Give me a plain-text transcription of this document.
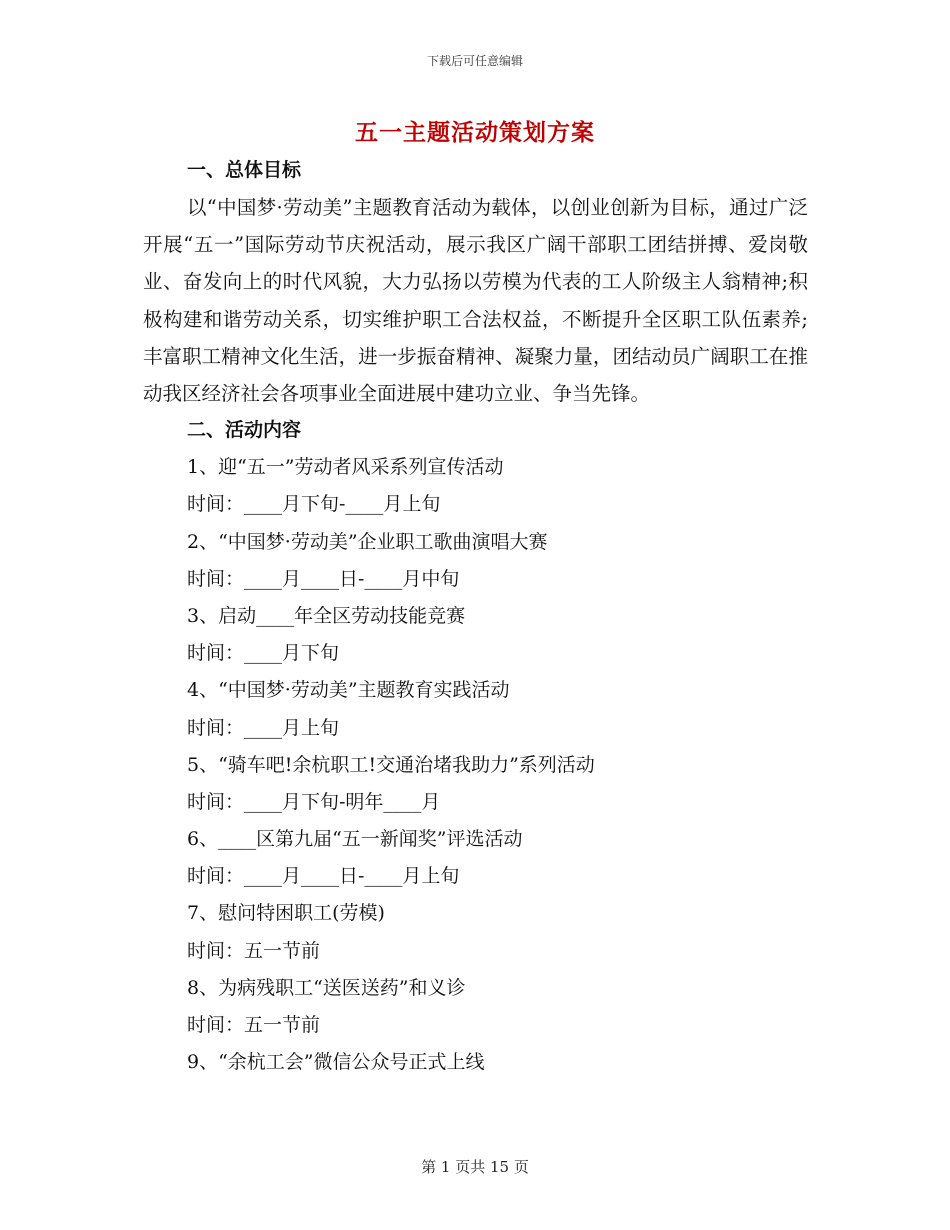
下载后可任意编辑
五一主题活动策划方案
一、总体目标

以“中国梦·劳动美”主题教育活动为载体，以创业创新为目标，通过广泛开展“五一”国际劳动节庆祝活动，展示我区广阔干部职工团结拼搏、爱岗敬业、奋发向上的时代风貌，大力弘扬以劳模为代表的工人阶级主人翁精神;积极构建和谐劳动关系，切实维护职工合法权益，不断提升全区职工队伍素养;丰富职工精神文化生活，进一步振奋精神、凝聚力量，团结动员广阔职工在推动我区经济社会各项事业全面进展中建功立业、争当先锋。

二、活动内容
1、迎“五一”劳动者风采系列宣传活动
时间：____月下旬-____月上旬
2、“中国梦·劳动美”企业职工歌曲演唱大赛
时间：____月____日-____月中旬
3、启动____年全区劳动技能竞赛
时间：____月下旬
4、“中国梦·劳动美”主题教育实践活动
时间：____月上旬
5、“骑车吧!余杭职工!交通治堵我助力”系列活动
时间：____月下旬-明年____月
6、____区第九届“五一新闻奖”评选活动
时间：____月____日-____月上旬
7、慰问特困职工(劳模)
时间：五一节前
8、为病残职工“送医送药”和义诊
时间：五一节前
9、“余杭工会”微信公众号正式上线
第 1 页共 15 页
